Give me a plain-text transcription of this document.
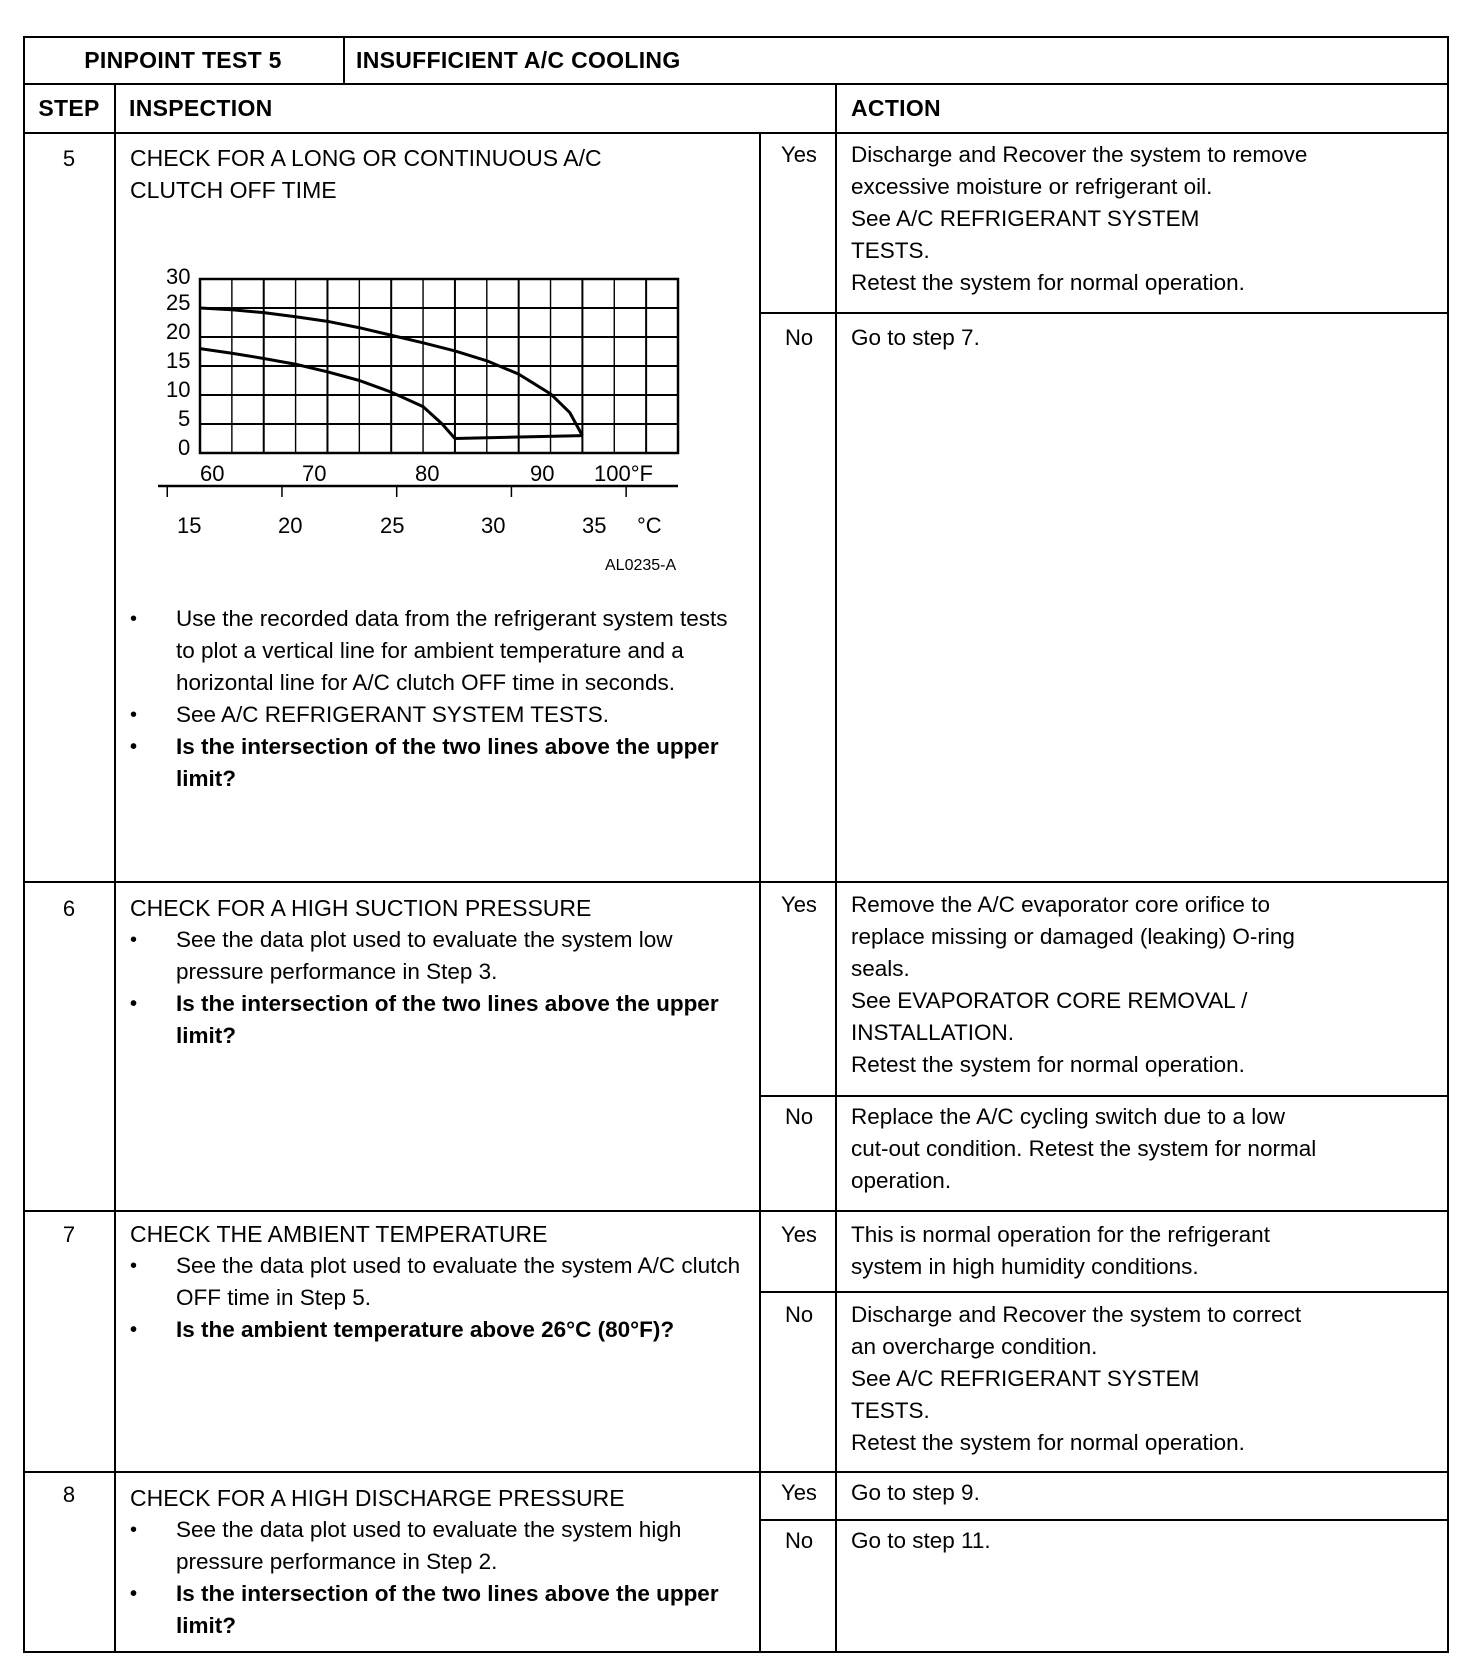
PINPOINT TEST 5	INSUFFICIENT A/C COOLING
STEP	INSPECTION	ACTION
5	CHECK FOR A LONG OR CONTINUOUS A/C
CLUTCH OFF TIME
30
25
20
15
10
5
0
60	70	80	90 100°F
15	20	25	30	35 °C
AL0235-A
• Use the recorded data from the refrigerant system tests to plot a vertical line for ambient temperature and a horizontal line for A/C clutch OFF time in seconds.
• See A/C REFRIGERANT SYSTEM TESTS.
• Is the intersection of the two lines above the upper limit?
Yes	Discharge and Recover the system to remove
excessive moisture or refrigerant oil.
See A/C REFRIGERANT SYSTEM
TESTS.
Retest the system for normal operation.
No	Go to step 7.
6	CHECK FOR A HIGH SUCTION PRESSURE
• See the data plot used to evaluate the system low pressure performance in Step 3.
• Is the intersection of the two lines above the upper limit?
Yes	Remove the A/C evaporator core orifice to
replace missing or damaged (leaking) O-ring
seals.
See EVAPORATOR CORE REMOVAL /
INSTALLATION.
Retest the system for normal operation.
No	Replace the A/C cycling switch due to a low
cut-out condition. Retest the system for normal
operation.
7	CHECK THE AMBIENT TEMPERATURE
• See the data plot used to evaluate the system A/C clutch OFF time in Step 5.
• Is the ambient temperature above 26°C (80°F)?
Yes	This is normal operation for the refrigerant
system in high humidity conditions.
No	Discharge and Recover the system to correct
an overcharge condition.
See A/C REFRIGERANT SYSTEM
TESTS.
Retest the system for normal operation.
8	CHECK FOR A HIGH DISCHARGE PRESSURE
• See the data plot used to evaluate the system high pressure performance in Step 2.
• Is the intersection of the two lines above the upper limit?
Yes	Go to step 9.
No	Go to step 11.
